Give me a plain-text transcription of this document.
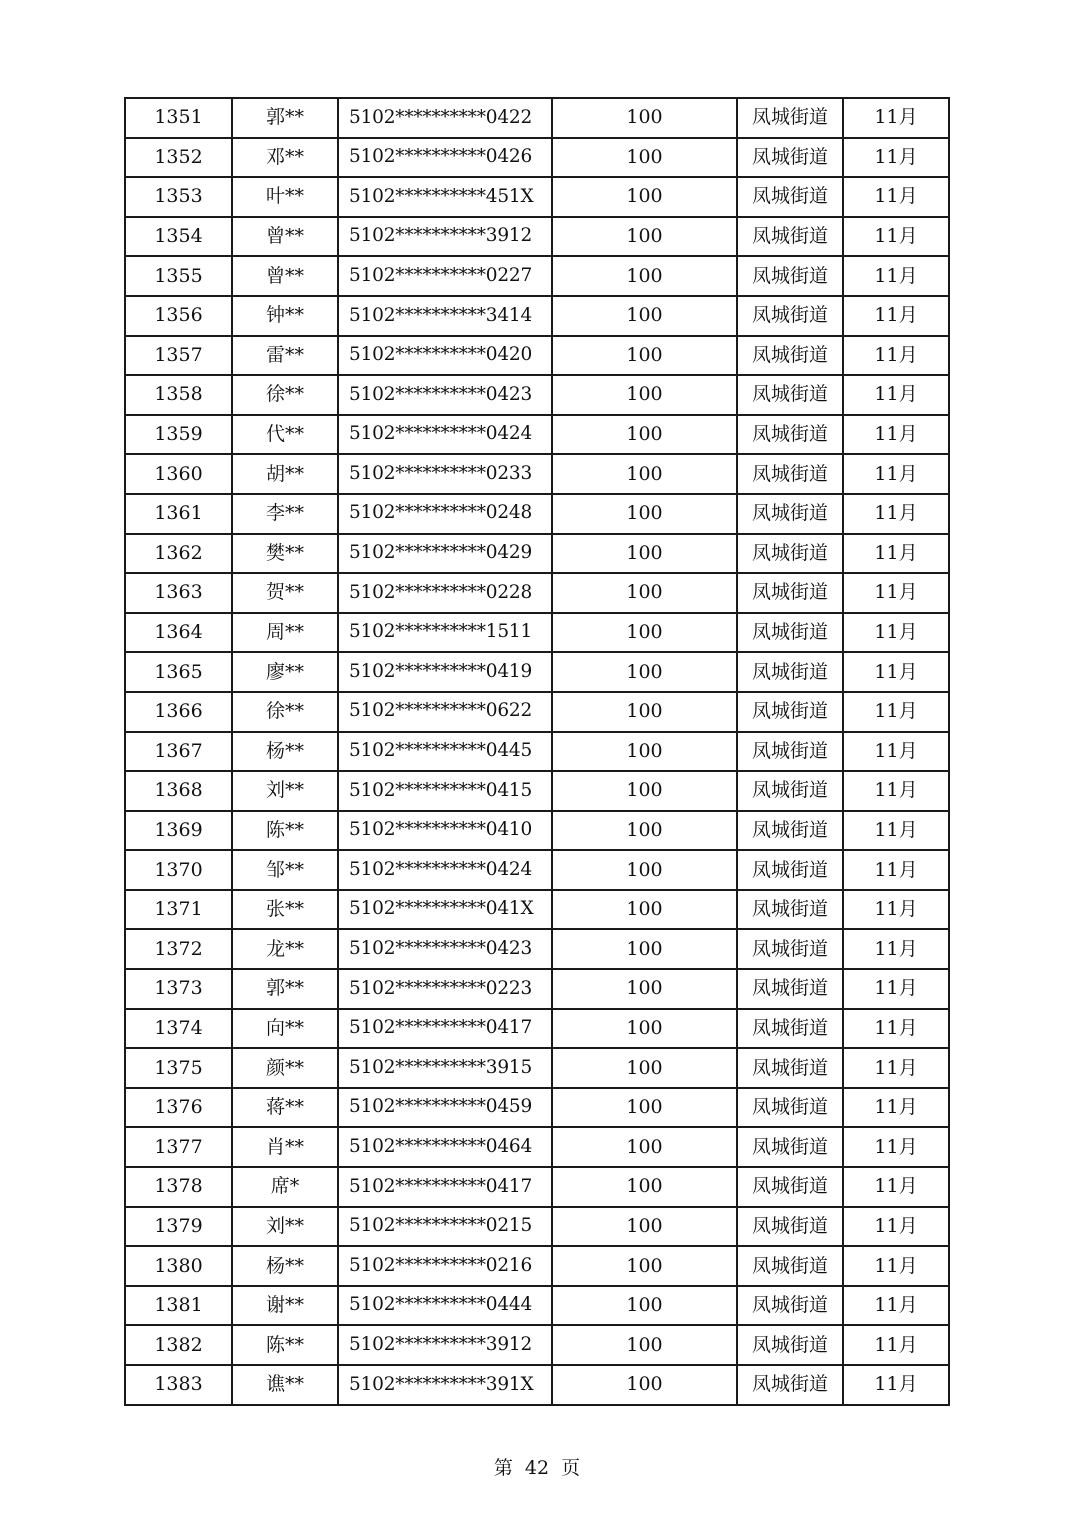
1351	郭**	5102**********0422	100	凤城街道	11月
1352	邓**	5102**********0426	100	凤城街道	11月
1353	叶**	5102**********451X	100	凤城街道	11月
1354	曾**	5102**********3912	100	凤城街道	11月
1355	曾**	5102**********0227	100	凤城街道	11月
1356	钟**	5102**********3414	100	凤城街道	11月
1357	雷**	5102**********0420	100	凤城街道	11月
1358	徐**	5102**********0423	100	凤城街道	11月
1359	代**	5102**********0424	100	凤城街道	11月
1360	胡**	5102**********0233	100	凤城街道	11月
1361	李**	5102**********0248	100	凤城街道	11月
1362	樊**	5102**********0429	100	凤城街道	11月
1363	贺**	5102**********0228	100	凤城街道	11月
1364	周**	5102**********1511	100	凤城街道	11月
1365	廖**	5102**********0419	100	凤城街道	11月
1366	徐**	5102**********0622	100	凤城街道	11月
1367	杨**	5102**********0445	100	凤城街道	11月
1368	刘**	5102**********0415	100	凤城街道	11月
1369	陈**	5102**********0410	100	凤城街道	11月
1370	邹**	5102**********0424	100	凤城街道	11月
1371	张**	5102**********041X	100	凤城街道	11月
1372	龙**	5102**********0423	100	凤城街道	11月
1373	郭**	5102**********0223	100	凤城街道	11月
1374	向**	5102**********0417	100	凤城街道	11月
1375	颜**	5102**********3915	100	凤城街道	11月
1376	蒋**	5102**********0459	100	凤城街道	11月
1377	肖**	5102**********0464	100	凤城街道	11月
1378	席*	5102**********0417	100	凤城街道	11月
1379	刘**	5102**********0215	100	凤城街道	11月
1380	杨**	5102**********0216	100	凤城街道	11月
1381	谢**	5102**********0444	100	凤城街道	11月
1382	陈**	5102**********3912	100	凤城街道	11月
1383	谯**	5102**********391X	100	凤城街道	11月
第 42 页
